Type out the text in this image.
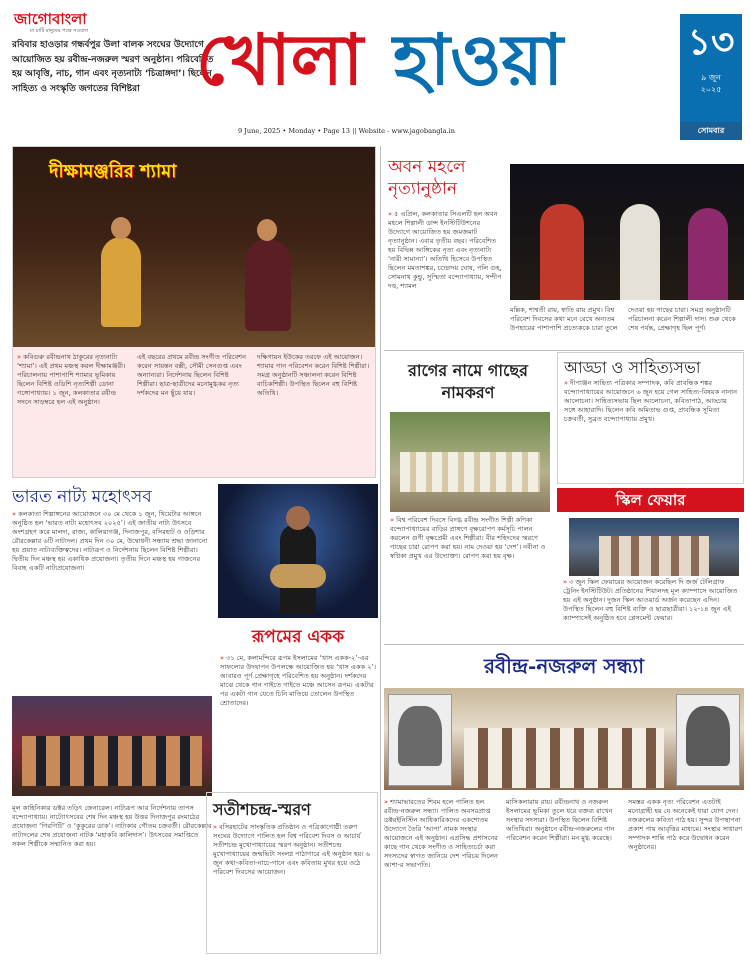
জাগোবাংলা
মা মাটি মানুষের পক্ষে সওয়াল
রবিবার হাওড়ার গন্ধর্বপুর উলা বালক সংঘের উদ্যোগে আয়োজিত হয় রবীন্দ্র-নজরুল স্মরণ অনুষ্ঠান। পরিবেশিত হয় আবৃত্তি, নাচ, গান এবং নৃত্যনাট্য ‘চিত্রাঙ্গদা’। ছিলেন সাহিত্য ও সংস্কৃতি জগতের বিশিষ্টরা খোলা হাওয়া
9 June, 2025 • Monday • Page 13 || Website - www.jagobangla.in
১৩
৯ জুন
২০২৫
সোমবার
দীক্ষামঞ্জরির শ্যামা
» কবিগুরু রবীন্দ্রনাথ ঠাকুরের নৃত্যনাট্য ‘শ্যামা’। এই প্রথম মঞ্চস্থ করল দীক্ষামঞ্জরী। পরিচালনায় পাশাপাশি শ্যামার ভূমিকায় ছিলেন বিশিষ্ট ওডিশি নৃত্যশিল্পী ডোনা গঙ্গোপাধ্যায়। ১ জুন, কলকাতার রবীন্দ্র সদনে সাড়ম্বরে হল এই অনুষ্ঠান।
এই বছরের প্রথমে রবীন্দ্র সংগীত পরিবেশন করেন সায়ন্তন বক্সী, সৌমী সেনগুপ্ত এবং অন্যান্যরা। নির্দেশনায় ছিলেন বিশিষ্ট শিল্পীরা। ছাত্র-ছাত্রীদের মনোমুগ্ধকর নৃত্য দর্শকদের মন ছুঁয়ে যায়।
দক্ষিণায়ন ইউকের তরফে এই আয়োজন। শ্যামার গান পরিবেশন করেন বিশিষ্ট শিল্পীরা। সমগ্র অনুষ্ঠানটি সঞ্চালনা করেন বিশিষ্ট বাচিকশিল্পী। উপস্থিত ছিলেন বহু বিশিষ্ট অতিথি।
অবন মহলে নৃত্যানুষ্ঠান
» ৫ এপ্রিল, কলকাতার সিএলটি হল অবন মহলে শিল্পালী ডান্স ইনস্টিটিউশনের উদ্যোগে আয়োজিত হয় জমজমাট নৃত্যানুষ্ঠান। এবার তৃতীয় বছর। পরিবেশিত হয় বিভিন্ন আঙ্গিকের নৃত্য এবং নৃত্যনাট্য ‘নারী সামান্যা’। অতিথি হিসেবে উপস্থিত ছিলেন মমতাশঙ্কর, চন্দ্রোদয় ঘোষ, পলি গুহ, সোমনাথ কুন্ডু, সুস্মিতা বন্দ্যোপাধ্যায়, সন্দীপ দত্ত, শ্যামল
মল্লিক, শাশ্বতী রায়, স্বাতি রায় প্রমুখ। বিশ্ব পরিবেশ দিবসের কথা মনে রেখে অন্যতম উপহারের পাশাপাশি প্রত্যেককে চারা তুলে
দেওয়া হয় গাছের চারা। সমগ্র অনুষ্ঠানটি পরিচালনা করেন শিল্পালী দাস। শুরু থেকে শেষ পর্যন্ত, প্রেক্ষাগৃহ ছিল পূর্ণ।
রাগের নামে গাছের নামকরণ
» বিশ্ব পরিবেশ দিবসে বিদগ্ধ রবীন্দ্র সংগীত শিল্পী কণিকা বন্দ্যোপাধ্যায়ের বাড়ির প্রাঙ্গণে বৃক্ষরোপণ কর্মসূচি পালন করলেন গুণী বৃক্ষপ্রেমী এবং শিল্পীরা। বীর শহিদদের স্মরণে গাছের চারা রোপণ করা হয়। নাম দেওয়া হয় ‘দেশ’। নবীনা ও স্বপ্নিকা প্রমুখ এর উদ্যোক্তা। রোপণ করা হয় বৃক্ষ।
আড্ডা ও সাহিত্যসভা
» দীপাঞ্জন সাহিত্য পত্রিকার সম্পাদক, কবি প্রাবন্ধিক শঙ্কর বন্দ্যোপাধ্যায়ের আয়োজনে ৬ জুন হয়ে গেল সাহিত্য-বিষয়ক নানান আলোচনা। সাহিত্যসভায় ছিল আলোচনা, কবিতাপাঠ, আড্ডায় সঙ্গে আহারাদি। ছিলেন কবি অমিতাভ গুপ্ত, প্রাবন্ধিক সুমিতা চক্রবর্তী, সুব্রত বন্দ্যোপাধ্যায় প্রমুখ।
স্কিল ফেয়ার
» ৩ জুন স্কিল ফেয়ারের আয়োজন করেছিল দি জর্জ টেলিগ্রাফ ট্রেনিং ইনস্টিটিউট। প্রতিষ্ঠানের শিয়ালদহ মূল ক্যাম্পাসে আয়োজিত হয় এই অনুষ্ঠান। দুজন স্কিল আওয়ার্ড অর্জন করেছেন এদিন। উপস্থিত ছিলেন বহু বিশিষ্ট ব্যক্তি ও ছাত্রছাত্রীরা। ১২-১৪ জুন এই ক্যাম্পাসেই অনুষ্ঠিত হবে প্লেসমেন্ট ফেয়ার।
ভারত নাট্য মহোৎসব
» কলকাতা শিল্পাঙ্গনের আয়োজনে ৩০ মে থেকে ১ জুন, থিয়েটার আঙ্গনে অনুষ্ঠিত হল ‘ভারত নাট্য মহোৎসব ২০২৫’। এই জাতীয় নাট্য উৎসবে অংশগ্রহণ করে মালদা, রাজ্য, কালিয়াগঞ্জ, দিনাজপুর, বসিরহাট ও ওড়িশার রৌরকেল্লার ৬টি নাট্যদল। প্রথম দিন ৩০ মে, উদ্বোধনী সন্ধ্যায় শ্রদ্ধা জানানো হয় প্রয়াত নাট্যব্যক্তিত্বদের। নাট্যরূপ ও নির্দেশনায় ছিলেন বিশিষ্ট শিল্পীরা। দ্বিতীয় দিন মঞ্চস্থ হয় একাধিক প্রযোজনা। তৃতীয় দিনে মঞ্চস্থ হয় গাজনের বিবাহ একটি নাট্যপ্রযোজনা।
মূল কাহিনিকার ডক্টর তড়িৎ জেনারেল। নাট্যরূপ আর নির্দেশনায় তাপস বন্দ্যোপাধ্যায়। নাট্যোৎসবের শেষ দিন মঞ্চস্থ হয় উত্তর দিনাজপুর রংমাঠের প্রযোজনা ‘গিরগিটি’ ও ‘কুকুরের ডাক’। নাট্যকার গৌতম চক্রবর্তী। রৌরকেল্লার নাট্যদলের শেষ প্রযোজনা নাটক ‘মহাকবি কালিদাস’। উৎসবের সমাপ্তিতে সকল শিল্পীকে সম্মানিত করা হয়।
রূপমের একক
» ৩১ মে, কলামন্দিরে রূপম ইসলামের ‘খাস একক-২’-এর সাফল্যের উদযাপন উপলক্ষে আয়োজিত হয় ‘খাস একক ২’। আবারও পূর্ণ প্রেক্ষাগৃহে পরিবেশিত হয় অনুষ্ঠান। দর্শকদের মাঝে থেকে গান গাইতে গাইতে মঞ্চে আসেন রূপম। একটার পর একটা গান যেতে চিনি মাতিয়ে তোলেন উপস্থিত শ্রোতাদের।
সতীশচন্দ্র-স্মরণ
» বসিরহাটের সাংস্কৃতিক প্রতিষ্ঠান ও পত্রিকাগোষ্ঠী তরুণ সংঘের উদ্যোগে পালিত হল বিশ্ব পরিবেশ দিবস ও আচার্য সতীশচন্দ্র মুখোপাধ্যায়ের স্মরণ অনুষ্ঠান। সতীশচন্দ্র মুখোপাধ্যায়ের জন্মভিটা সংলগ্ন পাঠাগারে এই অনুষ্ঠান হয়। ৬ জুন কথা-কবিতা-নাচে-গানে এবং কবিতায় মুখর হয়ে ওঠে পরিবেশ দিবসের আয়োজন।
রবীন্দ্র-নজরুল সন্ধ্যা
» শ্যামাভারতের শিবম হলে পালিত হল রবীন্দ্র-নজরুল সন্ধ্যা। পালিত অবসরপ্রাপ্ত ডক্টরইনিস্টিন আধিকারিকদের একশোতম উদ্যোগে তৈরি ‘আপা’ নামক সংস্থার আয়োজনে এই অনুষ্ঠান। এপ্রসিদ্ধ প্রশাসনের কাছে গান থেকে সংগীত ও সাহিত্যচর্চা করা সদস্যদের স্বাগত জানিয়ে দেশ পরিচয় দিলেন আশা-র সভাপতি।
মাসিকলারায় রায়। রবীন্দ্রনাথ ও নজরুল ইসলামের ভূমিকা তুলে ধরে বক্তব্য রাখেন সংস্থার সদস্যরা। উপস্থিত ছিলেন বিশিষ্ট অতিথিরা। অনুষ্ঠানে রবীন্দ্র-নজরুলের গান পরিবেশন করেন শিল্পীরা। মন মুগ্ধ করেছে।
সমস্তর একক নৃত্য পরিবেশন এতটাই মনোগ্রাহী হয় যে অনেকেই ধারা যোগ দেন। নজরুলের কবিতা পাঠ হয়। সুন্দর উপস্থাপনা প্রকাশ পায় আবৃত্তির মাধ্যমে। সংস্থার সাধারণ সম্পাদক শান্তি পাঠ করে উদ্বোধন করেন অনুষ্ঠানের।
